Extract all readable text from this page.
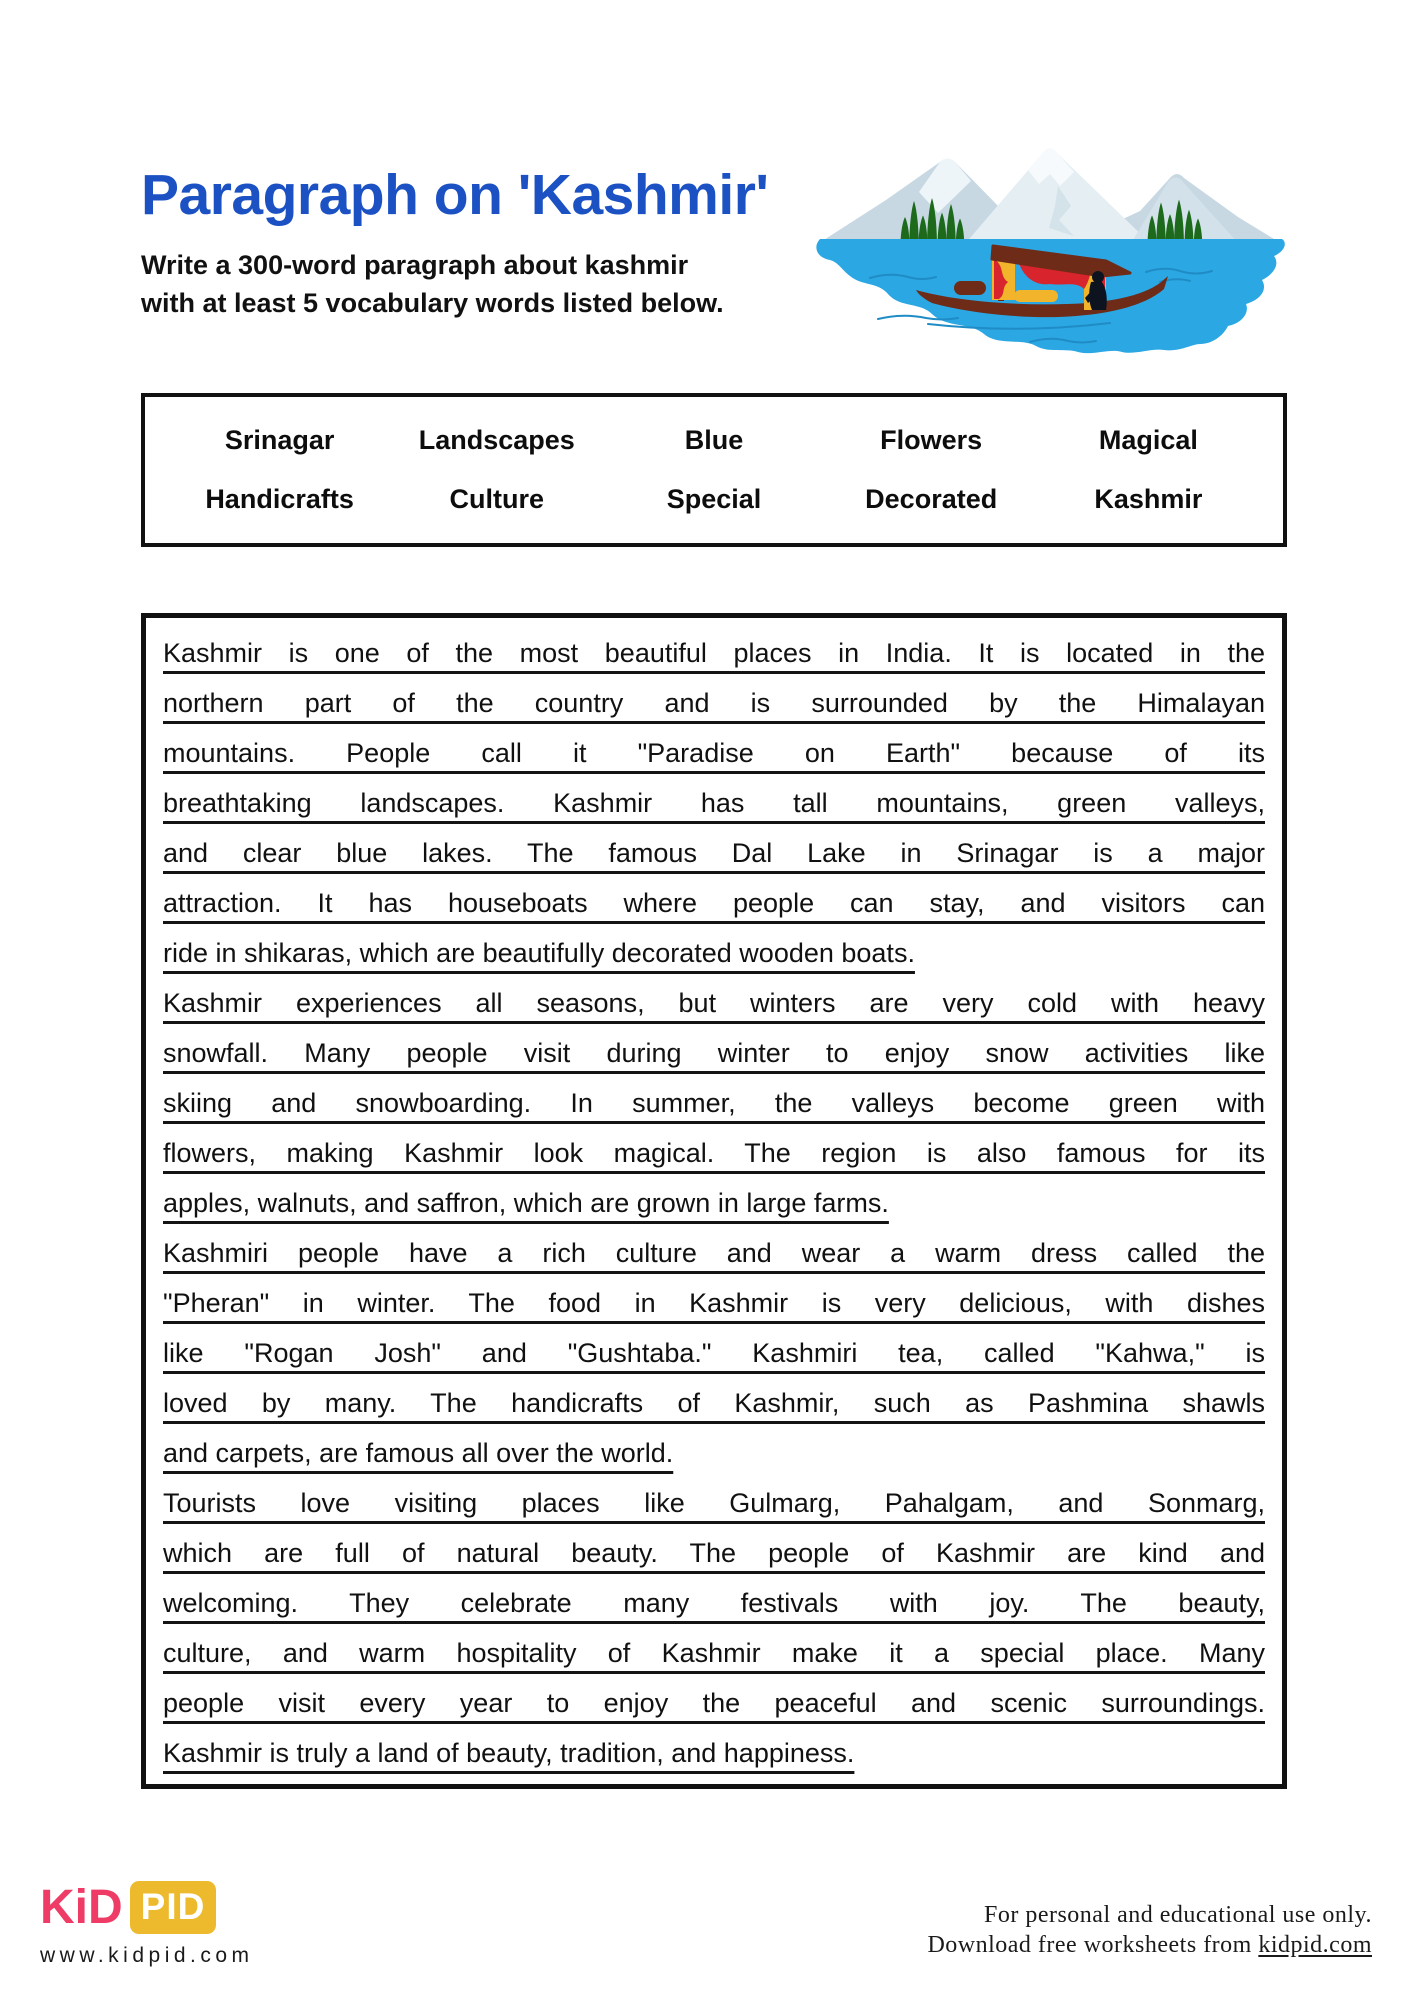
Paragraph on 'Kashmir'
Write a 300-word paragraph about kashmir
with at least 5 vocabulary words listed below.
Srinagar	Landscapes	Blue	Flowers	Magical
Handicrafts	Culture	Special	Decorated	Kashmir
Kashmir is one of the most beautiful places in India. It is located in the
northern part of the country and is surrounded by the Himalayan
mountains. People call it "Paradise on Earth" because of its
breathtaking landscapes. Kashmir has tall mountains, green valleys,
and clear blue lakes. The famous Dal Lake in Srinagar is a major
attraction. It has houseboats where people can stay, and visitors can
ride in shikaras, which are beautifully decorated wooden boats.
Kashmir experiences all seasons, but winters are very cold with heavy
snowfall. Many people visit during winter to enjoy snow activities like
skiing and snowboarding. In summer, the valleys become green with
flowers, making Kashmir look magical. The region is also famous for its
apples, walnuts, and saffron, which are grown in large farms.
Kashmiri people have a rich culture and wear a warm dress called the
"Pheran" in winter. The food in Kashmir is very delicious, with dishes
like "Rogan Josh" and "Gushtaba." Kashmiri tea, called "Kahwa," is
loved by many. The handicrafts of Kashmir, such as Pashmina shawls
and carpets, are famous all over the world.
Tourists love visiting places like Gulmarg, Pahalgam, and Sonmarg,
which are full of natural beauty. The people of Kashmir are kind and
welcoming. They celebrate many festivals with joy. The beauty,
culture, and warm hospitality of Kashmir make it a special place. Many
people visit every year to enjoy the peaceful and scenic surroundings.
Kashmir is truly a land of beauty, tradition, and happiness.
KiD PID
www.kidpid.com
For personal and educational use only.
Download free worksheets from kidpid.com
